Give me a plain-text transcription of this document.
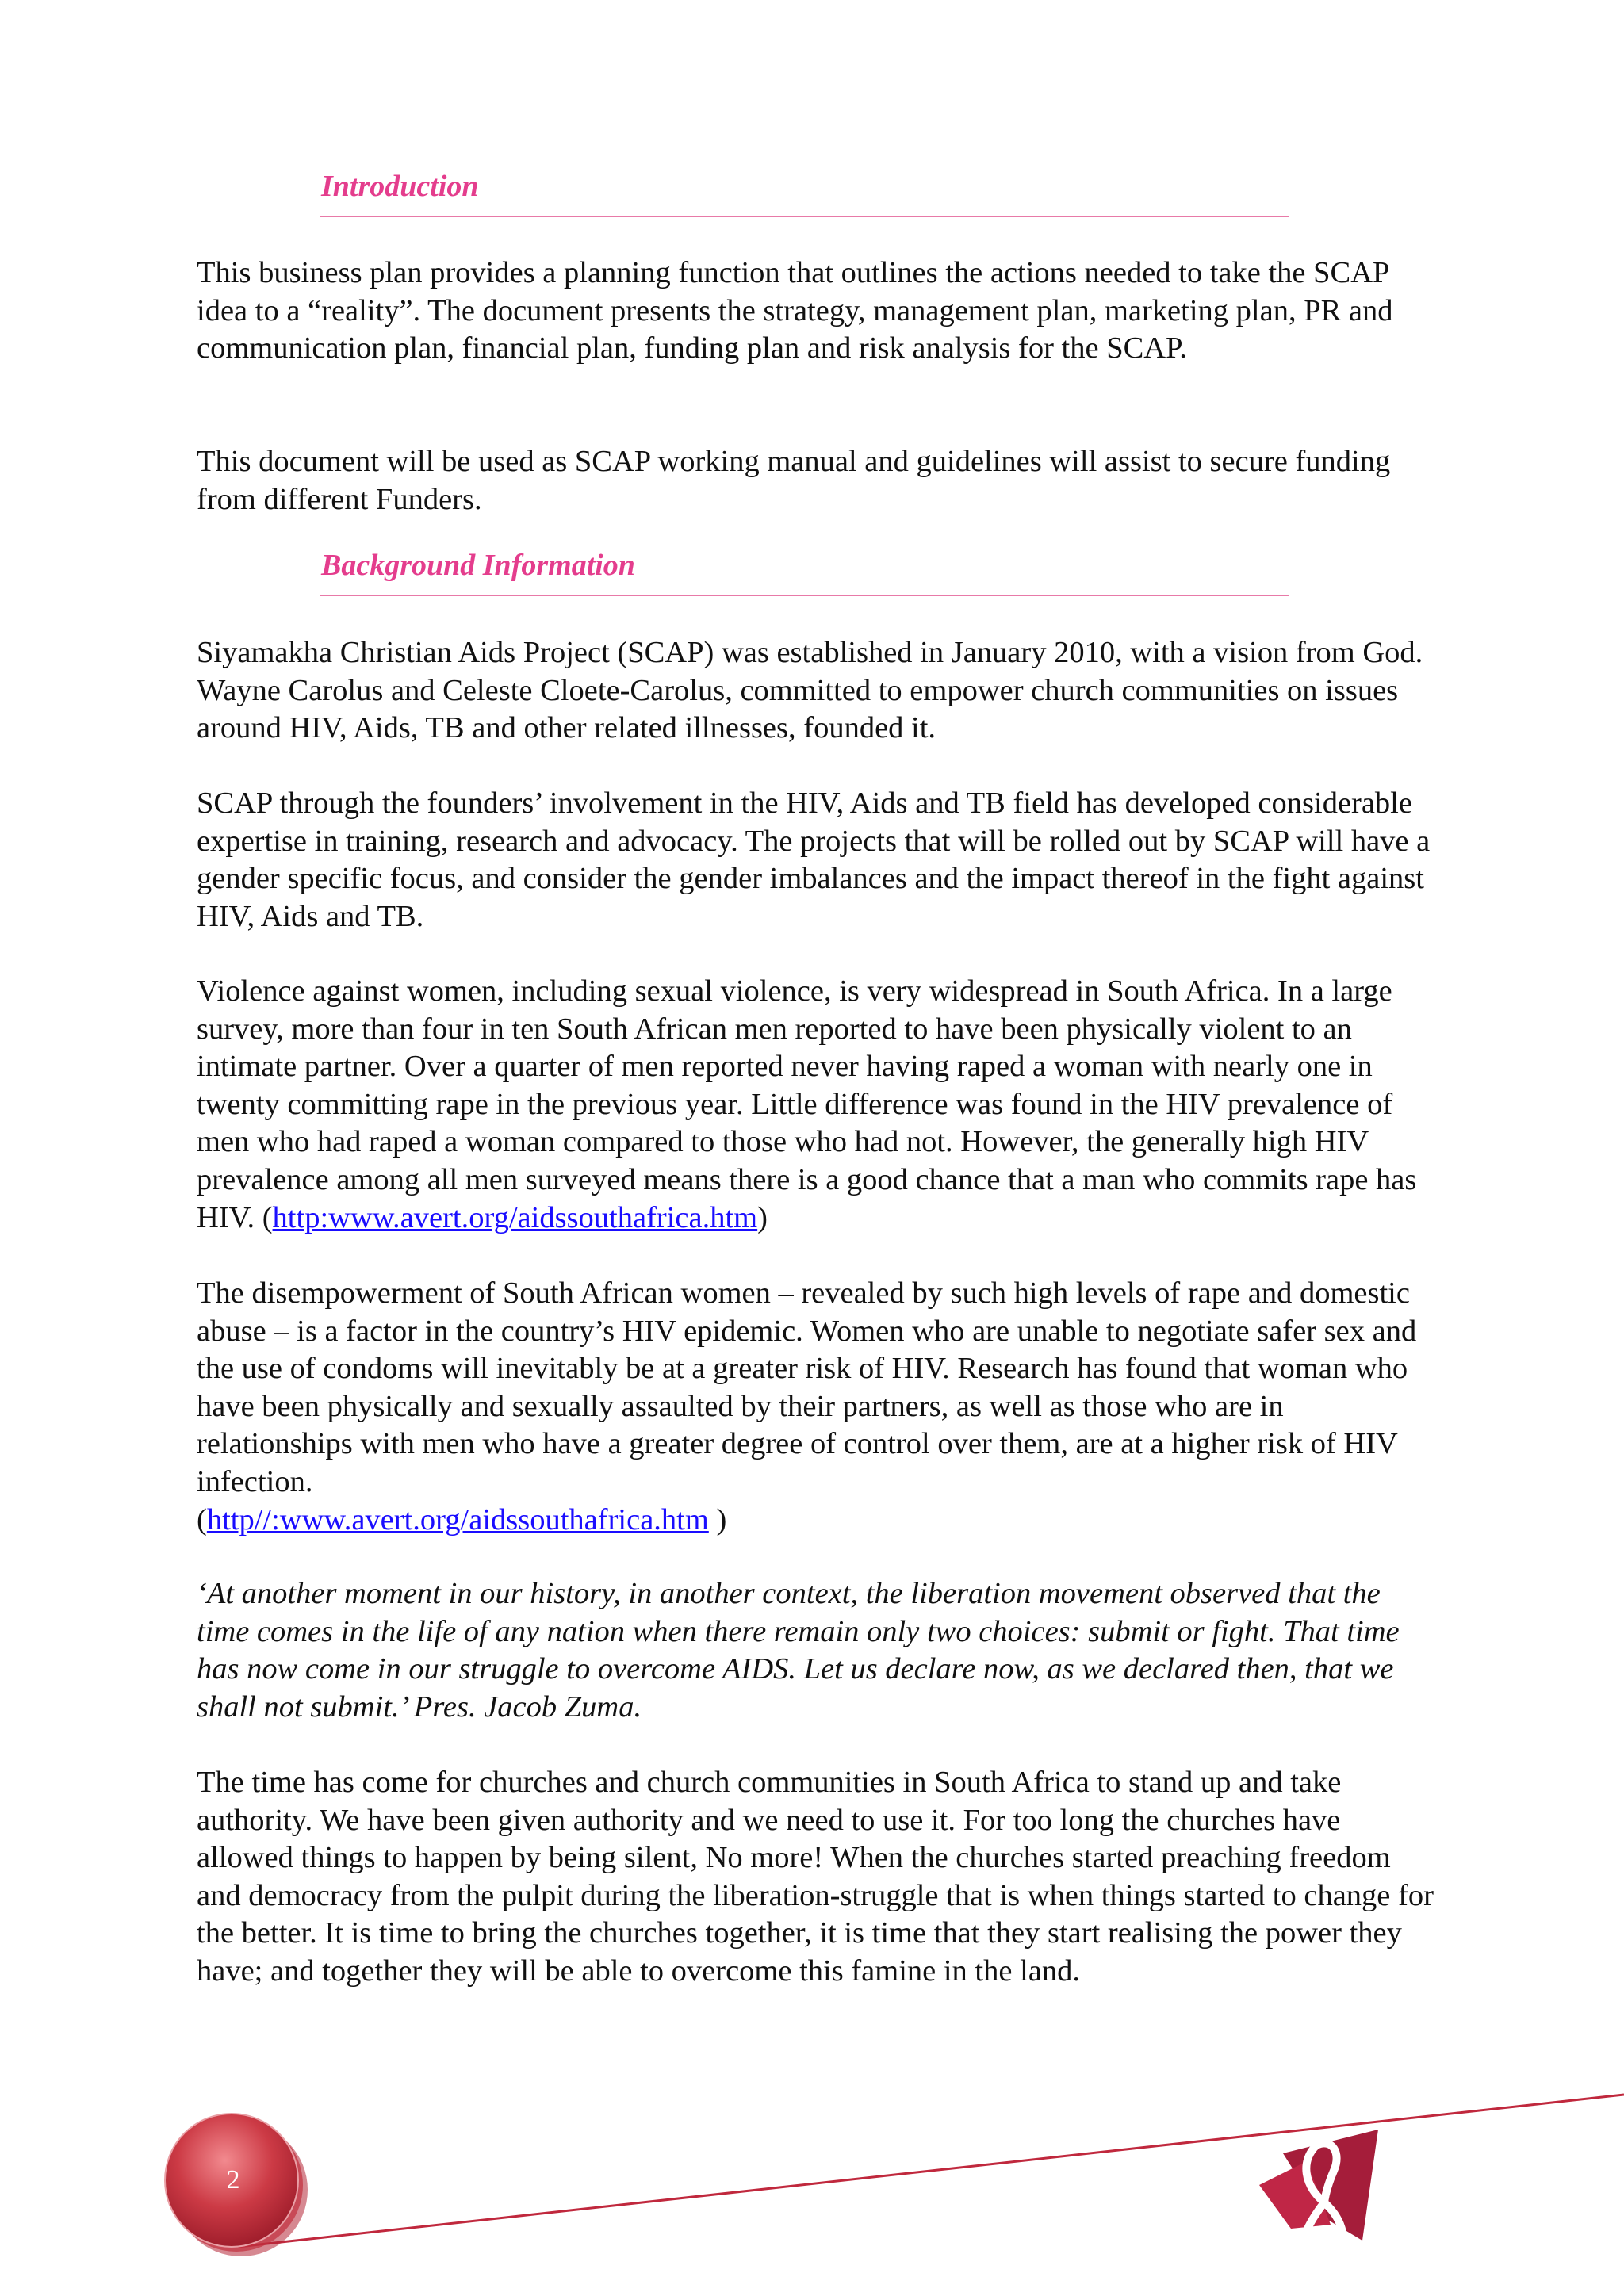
Introduction

This business plan provides a planning function that outlines the actions needed to take the SCAP idea to a “reality”. The document presents the strategy, management plan, marketing plan, PR and communication plan, financial plan, funding plan and risk analysis for the SCAP.

This document will be used as SCAP working manual and guidelines will assist to secure funding from different Funders.

Background Information

Siyamakha Christian Aids Project (SCAP) was established in January 2010, with a vision from God. Wayne Carolus and Celeste Cloete-Carolus, committed to empower church communities on issues around HIV, Aids, TB and other related illnesses, founded it.

SCAP through the founders’ involvement in the HIV, Aids and TB field has developed considerable expertise in training, research and advocacy. The projects that will be rolled out by SCAP will have a gender specific focus, and consider the gender imbalances and the impact thereof in the fight against HIV, Aids and TB.

Violence against women, including sexual violence, is very widespread in South Africa. In a large survey, more than four in ten South African men reported to have been physically violent to an intimate partner. Over a quarter of men reported never having raped a woman with nearly one in twenty committing rape in the previous year. Little difference was found in the HIV prevalence of men who had raped a woman compared to those who had not. However, the generally high HIV prevalence among all men surveyed means there is a good chance that a man who commits rape has HIV. (http:www.avert.org/aidssouthafrica.htm)

The disempowerment of South African women – revealed by such high levels of rape and domestic abuse – is a factor in the country’s HIV epidemic. Women who are unable to negotiate safer sex and the use of condoms will inevitably be at a greater risk of HIV. Research has found that woman who have been physically and sexually assaulted by their partners, as well as those who are in relationships with men who have a greater degree of control over them, are at a higher risk of HIV infection.
(http//:www.avert.org/aidssouthafrica.htm )

‘At another moment in our history, in another context, the liberation movement observed that the time comes in the life of any nation when there remain only two choices: submit or fight. That time has now come in our struggle to overcome AIDS. Let us declare now, as we declared then, that we shall not submit.’ Pres. Jacob Zuma.

The time has come for churches and church communities in South Africa to stand up and take authority. We have been given authority and we need to use it. For too long the churches have allowed things to happen by being silent, No more! When the churches started preaching freedom and democracy from the pulpit during the liberation-struggle that is when things started to change for the better. It is time to bring the churches together, it is time that they start realising the power they have; and together they will be able to overcome this famine in the land.

2
